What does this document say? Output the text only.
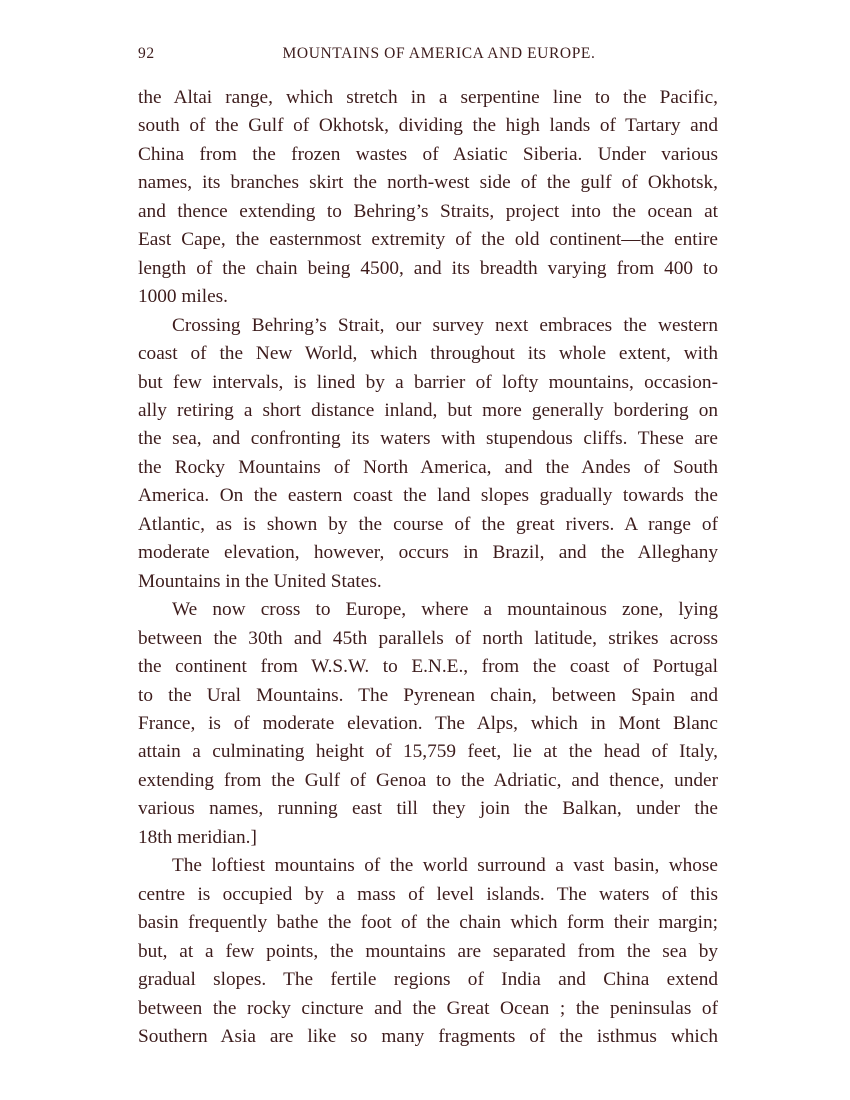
92	MOUNTAINS OF AMERICA AND EUROPE.
the Altai range, which stretch in a serpentine line to the Pacific,
south of the Gulf of Okhotsk, dividing the high lands of Tartary and
China from the frozen wastes of Asiatic Siberia. Under various
names, its branches skirt the north-west side of the gulf of Okhotsk,
and thence extending to Behring’s Straits, project into the ocean at
East Cape, the easternmost extremity of the old continent—the entire
length of the chain being 4500, and its breadth varying from 400 to
1000 miles.
Crossing Behring’s Strait, our survey next embraces the western
coast of the New World, which throughout its whole extent, with
but few intervals, is lined by a barrier of lofty mountains, occasion-
ally retiring a short distance inland, but more generally bordering on
the sea, and confronting its waters with stupendous cliffs. These are
the Rocky Mountains of North America, and the Andes of South
America. On the eastern coast the land slopes gradually towards the
Atlantic, as is shown by the course of the great rivers. A range of
moderate elevation, however, occurs in Brazil, and the Alleghany
Mountains in the United States.
We now cross to Europe, where a mountainous zone, lying
between the 30th and 45th parallels of north latitude, strikes across
the continent from W.S.W. to E.N.E., from the coast of Portugal
to the Ural Mountains. The Pyrenean chain, between Spain and
France, is of moderate elevation. The Alps, which in Mont Blanc
attain a culminating height of 15,759 feet, lie at the head of Italy,
extending from the Gulf of Genoa to the Adriatic, and thence, under
various names, running east till they join the Balkan, under the
18th meridian.]
The loftiest mountains of the world surround a vast basin, whose
centre is occupied by a mass of level islands. The waters of this
basin frequently bathe the foot of the chain which form their margin;
but, at a few points, the mountains are separated from the sea by
gradual slopes. The fertile regions of India and China extend
between the rocky cincture and the Great Ocean ; the peninsulas of
Southern Asia are like so many fragments of the isthmus which
